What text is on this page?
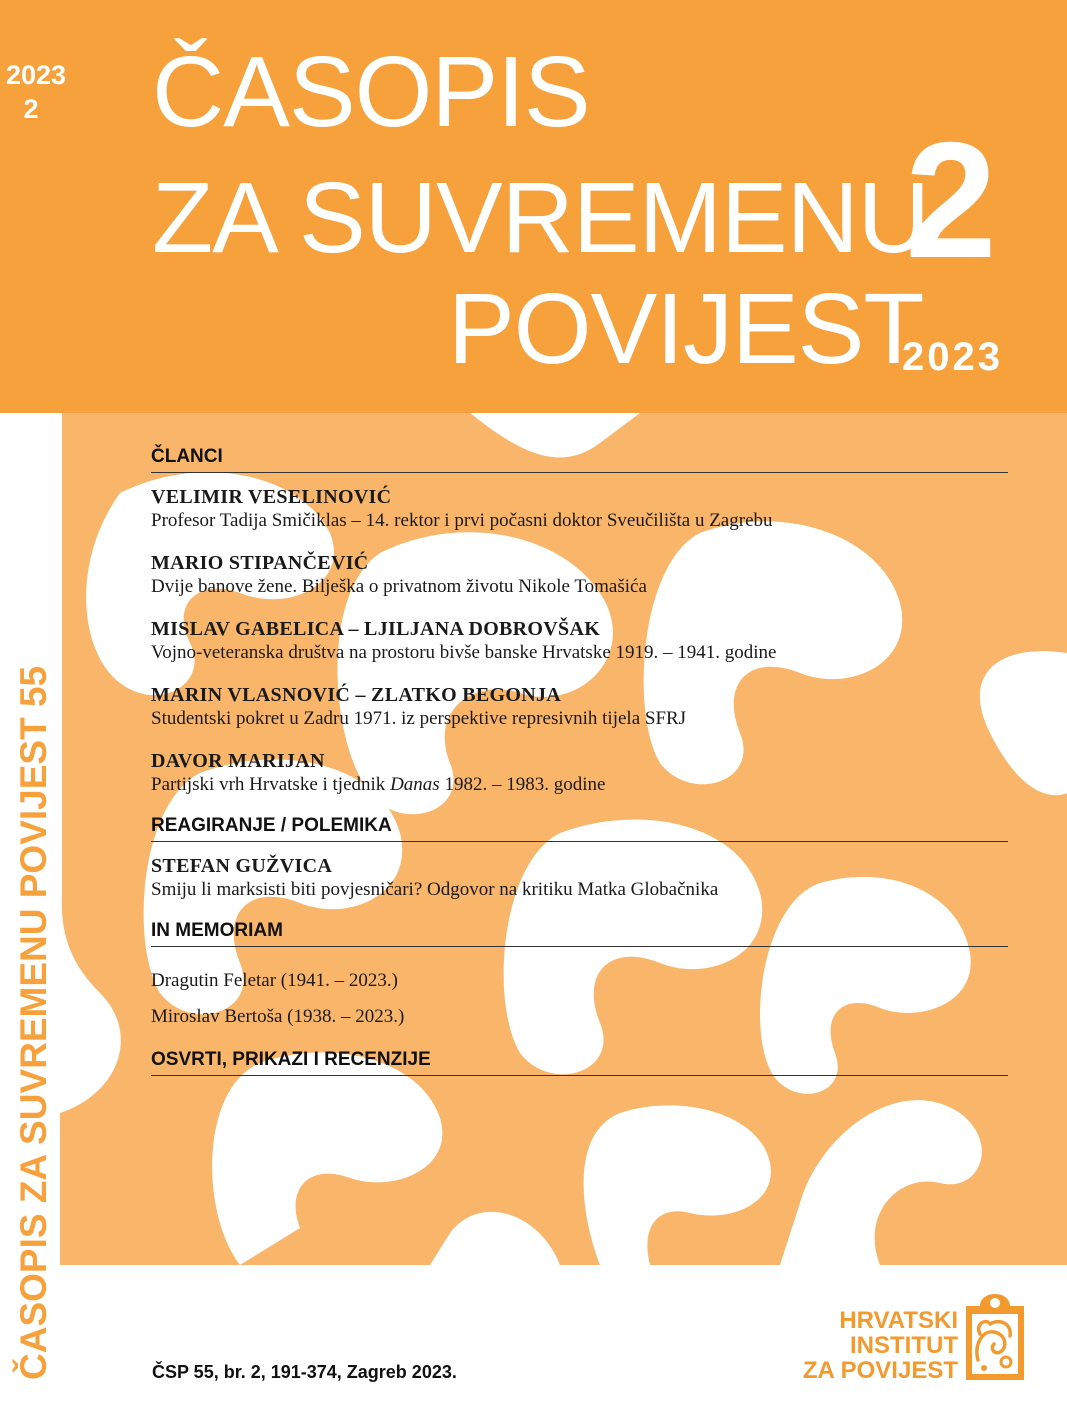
2023
2 ČASOPIS
ZA SUVREMENU
POVIJEST
2
2023
ČASOPIS ZA SUVREMENU POVIJEST 55
ČLANCI
VELIMIR VESELINOVIĆ
Profesor Tadija Smičiklas – 14. rektor i prvi počasni doktor Sveučilišta u Zagrebu
MARIO STIPANČEVIĆ
Dvije banove žene. Bilješka o privatnom životu Nikole Tomašića
MISLAV GABELICA – LJILJANA DOBROVŠAK
Vojno-veteranska društva na prostoru bivše banske Hrvatske 1919. – 1941. godine
MARIN VLASNOVIĆ – ZLATKO BEGONJA
Studentski pokret u Zadru 1971. iz perspektive represivnih tijela SFRJ
DAVOR MARIJAN
Partijski vrh Hrvatske i tjednik Danas 1982. – 1983. godine
REAGIRANJE / POLEMIKA
STEFAN GUŽVICA
Smiju li marksisti biti povjesničari? Odgovor na kritiku Matka Globačnika
IN MEMORIAM
Dragutin Feletar (1941. – 2023.)
Miroslav Bertoša (1938. – 2023.)
OSVRTI, PRIKAZI I RECENZIJE
ČSP 55, br. 2, 191-374, Zagreb 2023.
HRVATSKI
INSTITUT
ZA POVIJEST
